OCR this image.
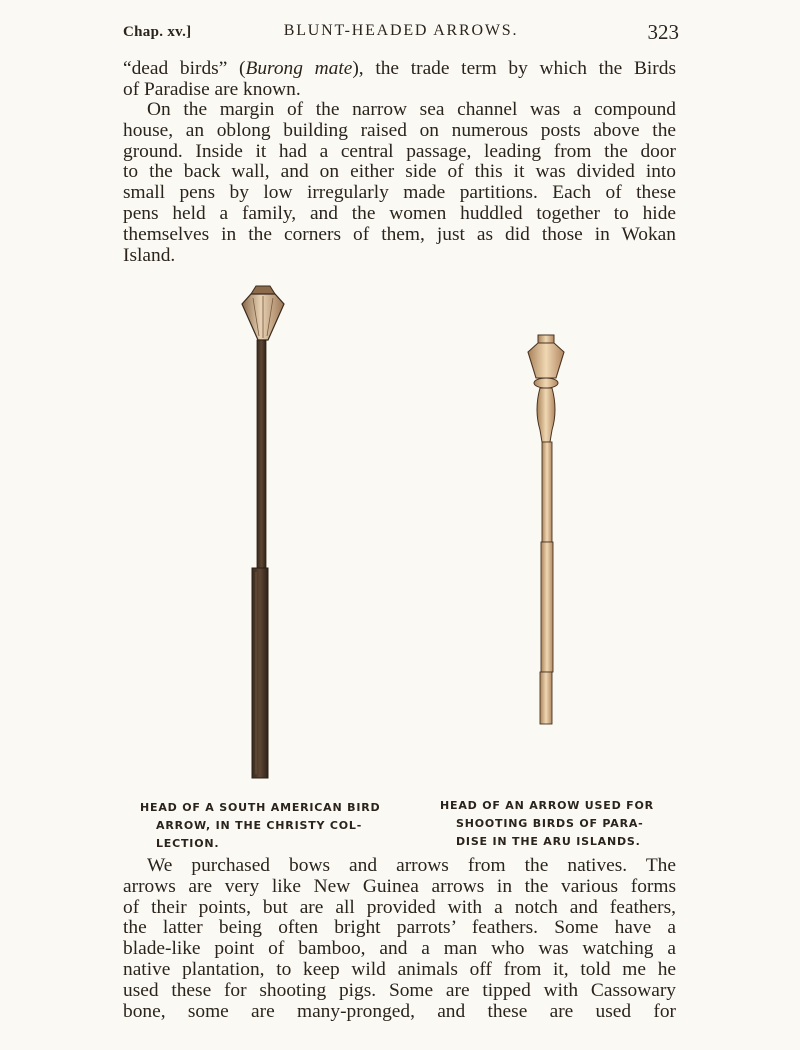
Chap. xv.]	BLUNT-HEADED ARROWS.	323
“dead birds” (Burong mate), the trade term by which the Birds
of Paradise are known.
On the margin of the narrow sea channel was a compound
house, an oblong building raised on numerous posts above the
ground. Inside it had a central passage, leading from the door
to the back wall, and on either side of this it was divided into
small pens by low irregularly made partitions. Each of these
pens held a family, and the women huddled together to hide
themselves in the corners of them, just as did those in Wokan
Island.
HEAD OF A SOUTH AMERICAN BIRD
ARROW, IN THE CHRISTY COL-
LECTION.
HEAD OF AN ARROW USED FOR
SHOOTING BIRDS OF PARA-
DISE IN THE ARU ISLANDS.
We purchased bows and arrows from the natives. The
arrows are very like New Guinea arrows in the various forms
of their points, but are all provided with a notch and feathers,
the latter being often bright parrots’ feathers. Some have a
blade-like point of bamboo, and a man who was watching a
native plantation, to keep wild animals off from it, told me he
used these for shooting pigs. Some are tipped with Cassowary
bone, some are many-pronged, and these are used for
